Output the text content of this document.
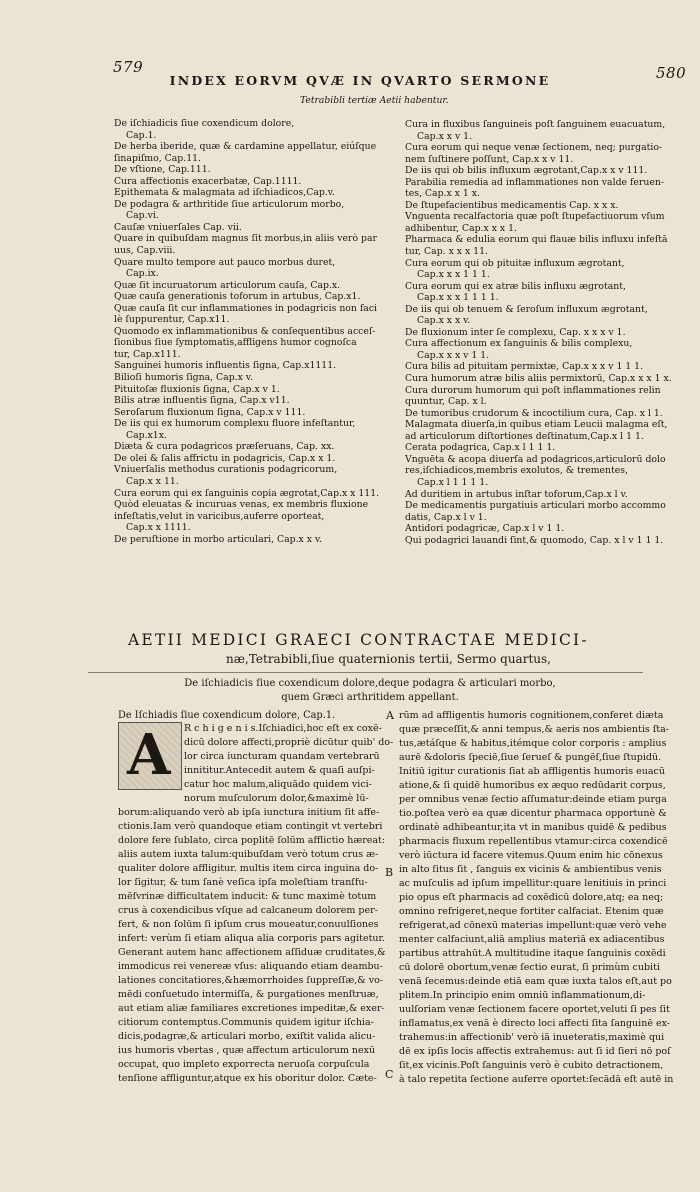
579	580
INDEX EORVM QVÆ IN QVARTO SERMONE
Tetrabibli tertiæ Aetii habentur.

De iſchiadicis ſiue coxendicum dolore,

Cap.1.

De herba iberide, quæ & cardamine appellatur, eiúſque

ſinapiſmo, Cap.11.

De vſtione, Cap.111.

Cura affectionis exacerbatæ, Cap.1111.

Epithemata & malagmata ad iſchiadicos,Cap.v.

De podagra & arthritide ſiue articulorum morbo,

Cap.vi.

Cauſæ vniuerſales Cap. vii.

Quare in quibuſdam magnus ſit morbus,in aliis verò par

uus, Cap.viii.

Quare multo tempore aut pauco morbus duret,

Cap.ix.

Quæ ſit incuruatorum articulorum cauſa, Cap.x.

Quæ cauſa generationis toforum in artubus, Cap.x1.

Quæ cauſa ſit cur inflammationes in podagricis non faci

lè ſuppurentur, Cap.x11.

Quomodo ex inflammationibus & conſequentibus acceſ-

ſionibus ſiue ſymptomatis,affligens humor cognoſca

tur, Cap.x111.

Sanguinei humoris influentis ſigna, Cap.x1111.

Bilioſi humoris ſigna, Cap.x v.

Pituitoſæ fluxionis ſigna, Cap.x v 1.

Bilis atræ influentis ſigna, Cap.x v11.

Seroſarum fluxionum ſigna, Cap.x v 111.

De iis qui ex humorum complexu fluore infeſtantur,

Cap.x1x.

Diæta & cura podagricos præſeruans, Cap. xx.

De olei & ſalis affrictu in podagricis, Cap.x x 1.

Vniuerſalis methodus curationis podagricorum,

Cap.x x 11.

Cura eorum qui ex ſanguinis copia ægrotat,Cap.x x 111.

Quòd eleuatas & incuruas venas, ex membris fluxione

infeſtatis,velut in varicibus,auferre oporteat,

Cap.x x 1111.

De peruſtione in morbo articulari, Cap.x x v.

Cura in fluxibus ſanguineis poſt ſanguinem euacuatum,

Cap.x x v 1.

Cura eorum qui neque venæ ſectionem, neq; purgatio-

nem ſuſtinere poſſunt, Cap.x x v 11.

De iis qui ob bilis influxum ægrotant,Cap.x x v 111.

Parabilia remedia ad inflammationes non valde feruen-

tes, Cap.x x 1 x.

De ſtupefacientibus medicamentis Cap. x x x.

Vnguenta recalfactoria quæ poſt ſtupefactiuorum vſum

adhibentur, Cap.x x x 1.

Pharmaca & edulia eorum qui flauæ bilis influxu infeſtā

tur, Cap. x x x 11.

Cura eorum qui ob pituitæ influxum ægrotant,

Cap.x x x 1 1 1.

Cura eorum qui ex atræ bilis influxu ægrotant,

Cap.x x x 1 1 1 1.

De iis qui ob tenuem & ſeroſum influxum ægrotant,

Cap.x x x v.

De fluxionum inter ſe complexu, Cap. x x x v 1.

Cura affectionum ex ſanguinis & bilis complexu,

Cap.x x x v 1 1.

Cura bilis ad pituitam permixtæ, Cap.x x x v 1 1 1.

Cura humorum atræ bilis aliis permixtorū, Cap.x x x 1 x.

Cura durorum humorum qui poſt inflammationes relin

quuntur, Cap. x l.

De tumoribus crudorum & incoctilium cura, Cap. x l 1.

Malagmata diuerſa,in quibus etiam Leucii malagma eſt,

ad articulorum diſtortiones deſtinatum,Cap.x l 1 1.

Cerata podagrica, Cap.x l 1 1 1.

Vnguēta & acopa diuerſa ad podagricos,articulorū dolo

res,iſchiadicos,membris exolutos, & trementes,

Cap.x l 1 1 1 1.

Ad duritiem in artubus inſtar toforum,Cap.x l v.

De medicamentis purgatiuis articulari morbo accommo

datis, Cap.x l v 1.

Antidori podagricæ, Cap.x l v 1 1.

Qui podagrici lauandi ſint,& quomodo, Cap. x l v 1 1 1.

AETII MEDICI GRAECI CONTRACTAE MEDICI-
næ,Tetrabibli,ſiue quaternionis tertii, Sermo quartus,
De iſchiadicis ſiue coxendicum dolore,deque podagra & articulari morbo,
quem Græci arthritidem appellant.
De Iſchiadis ſiue coxendicum dolore, Cap.1.
A	R c h i g e n i s.Iſchiadici,hoc eſt ex coxē-

dicū dolore affecti,propriè dicūtur quib' do-

lor circa iuncturam quandam vertebrarū

innititur.Antecedit autem & quaſi auſpi-

catur hoc malum,aliquādo quidem vici-

norum muſculorum dolor,&maximè lū-

borum:aliquando verò ab ipſa iunctura initium ſit affe-

ctionis.Iam verò quandoque etiam contingit vt vertebri

dolore fere ſublato, circa poplitē ſolūm afflictio hæreat:

aliis autem iuxta talum:quibuſdam verò totum crus æ-

qualiter dolore affligitur. multis item circa inguina do-

lor ſigitur, & tum ſanè veſica ipſa moleſtiam tranſfu-

mēſvrinæ difficultatem inducit: & tunc maximè totum

crus à coxendicibus vſque ad calcaneum dolorem per-

fert, & non ſolūm ſi ipſum crus moueatur,conuulſiones

infert: verùm ſi etiam aliqua alia corporis pars agitetur.

Generant autem hanc affectionem aſſiduæ cruditates,&

immodicus rei venereæ vſus: aliquando etiam deambu-

lationes concitatiores,&hæmorrhoides ſuppreſſæ,& vo-

mēdi conſuetudo intermiſſa, & purgationes menſtruæ,

aut etiam aliæ familiares excretiones impeditæ,& exer-

citiorum contemptus.Communis quidem igitur iſchia-

dicis,podagræ,& articulari morbo, exiſtit valida alicu-

ius humoris vbertas , quæ affectum articulorum nexū

occupat, quo impleto exporrecta neruoſa corpuſcula

tenſione affliguntur,atque ex his oboritur dolor. Cæte-

rūm ad affligentis humoris cognitionem,conferet diæta

quæ præceſſit,& anni tempus,& aeris nos ambientis ſta-

tus,ætáſque & habitus,itémque color corporis : amplius

aurē &doloris ſpeciē,ſiue ſerueſ & pungēſ,ſiue ſtupidū.

Initiū igitur curationis ſiat ab affligentis humoris euacū

atione,& ſi quidē humoribus ex æquo redūdarit corpus,

per omnibus venæ ſectio aſſumatur:deinde etiam purga

tio.poſtea verò ea quæ dicentur pharmaca opportunè &

ordinatè adhibeantur,ita vt in manibus quidē & pedibus

pharmacis fluxum repellentibus vtamur:circa coxendicē

verò iūctura id facere vitemus.Quum enim hic cōnexus

in alto ſitus ſit , ſanguis ex vicinis & ambientibus venis

ac muſculis ad ipſum impellitur:quare lenitiuis in princi

pio opus eſt pharmacis ad coxēdicū dolore,atq; ea neq;

omnino refrigeret,neque fortiter calfaciat. Etenim quæ

refrigerat,ad cōnexū materias impellunt:quæ verò vehe

menter calfaciunt,aliā amplius materiā ex adiacentibus

partibus attrahūt.A multitudine itaque ſanguinis coxēdi

cū dolorē obortum,venæ ſectio eurat, ſi primùm cubiti

venā ſecemus:deinde etiā eam quæ iuxta talos eſt,aut po

plitem.In principio enim omniū inflammationum,di-

uulſoriam venæ ſectionem facere oportet,veluti ſi pes ſit

inflamatus,ex venā è directo loci affecti ſita ſanguinē ex-

trahemus:in affectionib' verò iā inueteratis,maximè qui

dē ex ipſis locis affectis extrahemus: aut ſi id ſieri nō poſ

ſit,ex vicinis.Poſt ſanguinis verò è cubito detractionem,

à talo repetita ſectione auferre oportet:ſecādā eſt autē in

A
B
C
